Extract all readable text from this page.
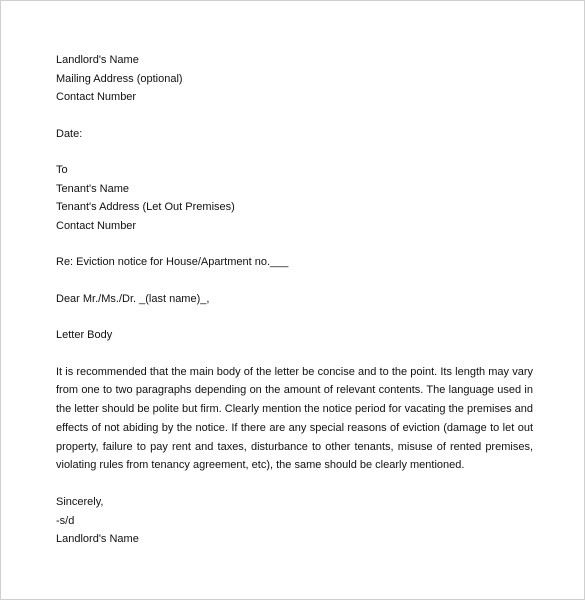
Landlord's Name
Mailing Address (optional)
Contact Number
Date:
To
Tenant's Name
Tenant's Address (Let Out Premises)
Contact Number
Re: Eviction notice for House/Apartment no.___
Dear Mr./Ms./Dr. _(last name)_,
Letter Body

It is recommended that the main body of the letter be concise and to the point. Its length may vary from one to two paragraphs depending on the amount of relevant contents. The language used in the letter should be polite but firm. Clearly mention the notice period for vacating the premises and effects of not abiding by the notice. If there are any special reasons of eviction (damage to let out property, failure to pay rent and taxes, disturbance to other tenants, misuse of rented premises, violating rules from tenancy agreement, etc), the same should be clearly mentioned.

Sincerely,
-s/d
Landlord's Name
